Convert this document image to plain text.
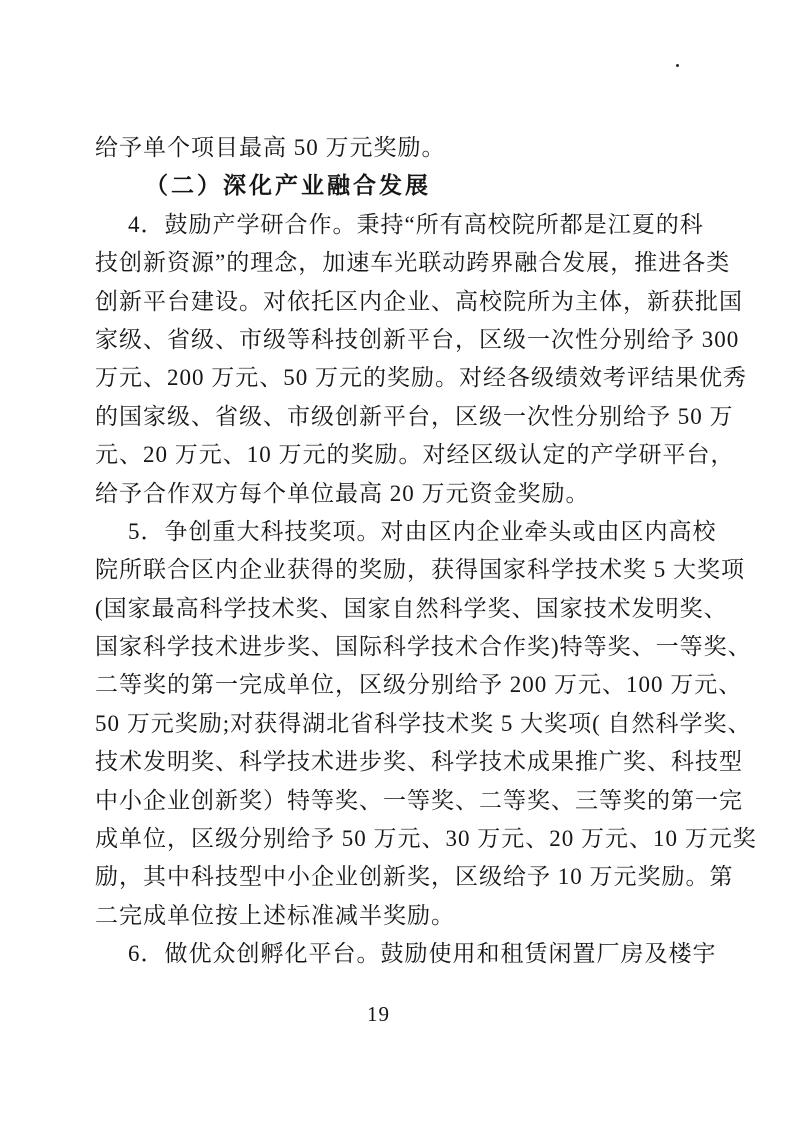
给予单个项目最高 50 万元奖励。
（二）深化产业融合发展
4．鼓励产学研合作。秉持“所有高校院所都是江夏的科
技创新资源”的理念，加速车光联动跨界融合发展，推进各类
创新平台建设。对依托区内企业、高校院所为主体，新获批国
家级、省级、市级等科技创新平台，区级一次性分别给予 300
万元、200 万元、50 万元的奖励。对经各级绩效考评结果优秀
的国家级、省级、市级创新平台，区级一次性分别给予 50 万
元、20 万元、10 万元的奖励。对经区级认定的产学研平台，
给予合作双方每个单位最高 20 万元资金奖励。
5．争创重大科技奖项。对由区内企业牵头或由区内高校
院所联合区内企业获得的奖励，获得国家科学技术奖 5 大奖项
(国家最高科学技术奖、国家自然科学奖、国家技术发明奖、
国家科学技术进步奖、国际科学技术合作奖)特等奖、一等奖、
二等奖的第一完成单位，区级分别给予 200 万元、100 万元、
50 万元奖励;对获得湖北省科学技术奖 5 大奖项( 自然科学奖、
技术发明奖、科学技术进步奖、科学技术成果推广奖、科技型
中小企业创新奖）特等奖、一等奖、二等奖、三等奖的第一完
成单位，区级分别给予 50 万元、30 万元、20 万元、10 万元奖
励，其中科技型中小企业创新奖，区级给予 10 万元奖励。第
二完成单位按上述标准减半奖励。
6．做优众创孵化平台。鼓励使用和租赁闲置厂房及楼宇
19
